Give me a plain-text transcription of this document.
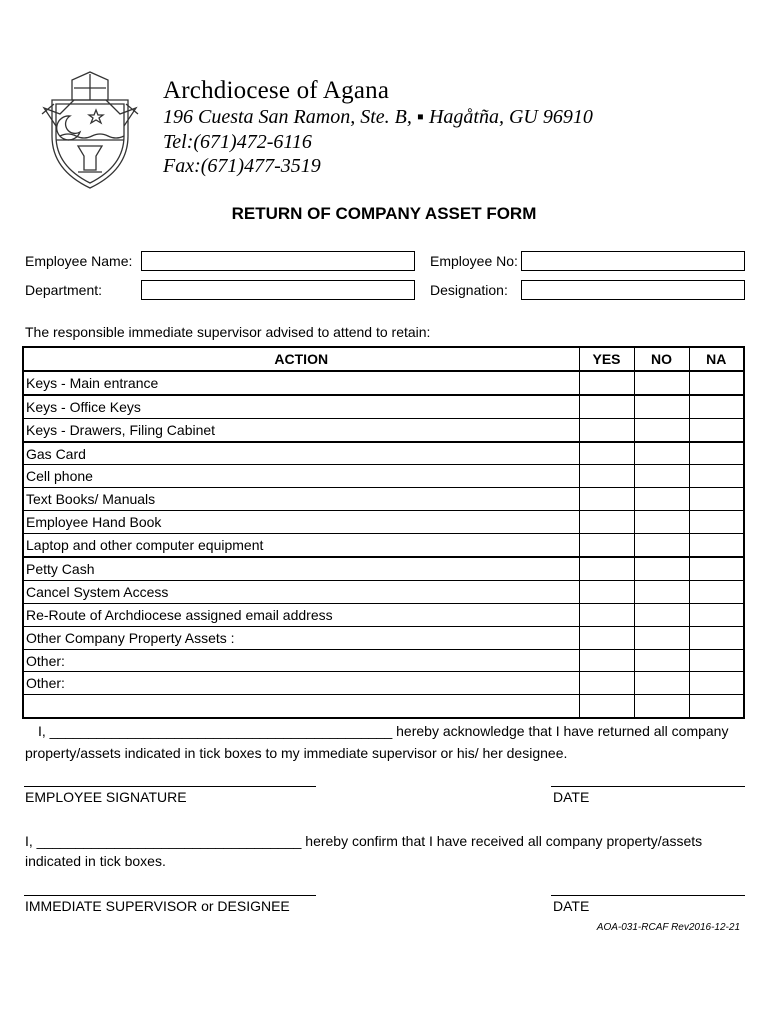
Archdiocese of Agana
196 Cuesta San Ramon, Ste. B, ▪ Hagåtña, GU 96910
Tel:(671)472-6116
Fax:(671)477-3519
RETURN OF COMPANY ASSET FORM
Employee Name:	Employee No:
Department:	Designation:
The responsible immediate supervisor advised to attend to retain:
ACTION	YES	NO	NA
Keys - Main entrance			
Keys - Office Keys			
Keys - Drawers, Filing Cabinet			
Gas Card			
Cell phone			
Text Books/ Manuals			
Employee Hand Book			
Laptop and other computer equipment			
Petty Cash			
Cancel System Access			
Re-Route of Archdiocese assigned email address			
Other Company Property Assets :			
Other:			
Other:			

I, ____________________________________________ hereby acknowledge that I have returned all company
property/assets indicated in tick boxes to my immediate supervisor or his/ her designee.
EMPLOYEE SIGNATURE	DATE
I, __________________________________ hereby confirm that I have received all company property/assets
indicated in tick boxes.
IMMEDIATE SUPERVISOR or DESIGNEE	DATE
AOA-031-RCAF Rev2016-12-21
